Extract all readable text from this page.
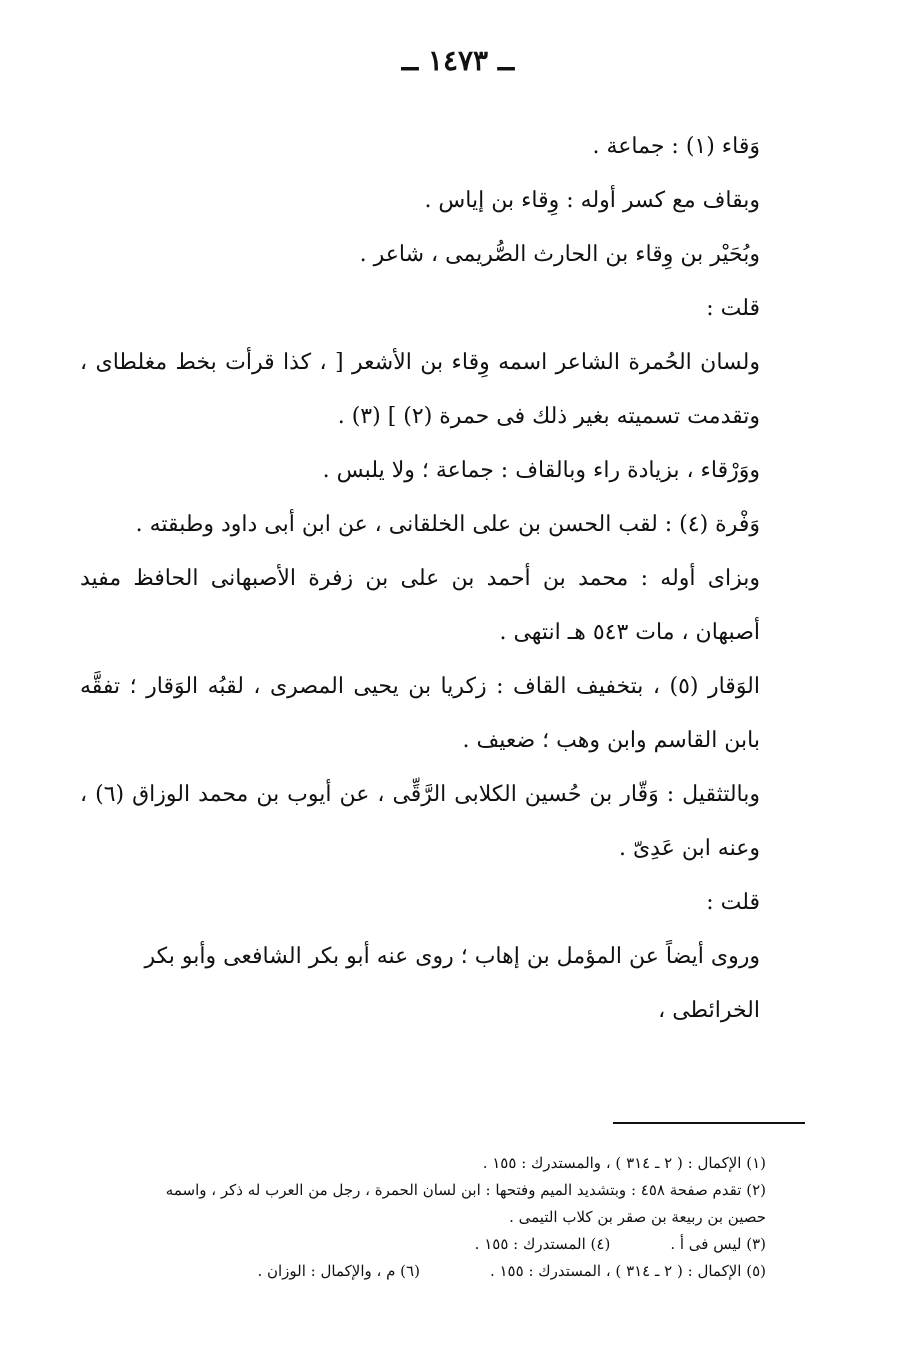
ــ ١٤٧٣ ــ

وَقاء (١) : جماعة .

وبقاف مع كسر أوله : وِقاء بن إياس .

وبُحَيْر بن وِقاء بن الحارث الصُّريمى ، شاعر .

قلت :

ولسان الحُمرة الشاعر اسمه وِقاء بن الأشعر [ ، كذا قرأت بخط مغلطاى ، وتقدمت تسميته بغير ذلك فى حمرة (٢) ] (٣) .

ووَرْقاء ، بزيادة راء وبالقاف : جماعة ؛ ولا يلبس .

وَفْرة (٤) : لقب الحسن بن على الخلقانى ، عن ابن أبى داود وطبقته .

وبزاى أوله : محمد بن أحمد بن على بن زفرة الأصبهانى الحافظ مفيد أصبهان ، مات ٥٤٣ هـ انتهى .

الوَقار (٥) ، بتخفيف القاف : زكريا بن يحيى المصرى ، لقبُه الوَقار ؛ تفقَّه بابن القاسم وابن وهب ؛ ضعيف .

وبالتثقيل : وَقّار بن حُسين الكلابى الرَّقِّى ، عن أيوب بن محمد الوزاق (٦) ، وعنه ابن عَدِىّ .

قلت :

وروى أيضاً عن المؤمل بن إهاب ؛ روى عنه أبو بكر الشافعى وأبو بكر الخرائطى ،

(١) الإكمال : ( ٢ ـ ٣١٤ ) ، والمستدرك : ١٥٥ .

(٢) تقدم صفحة ٤٥٨ : وبتشديد الميم وفتحها : ابن لسان الحمرة ، رجل من العرب له ذكر ، واسمه

حصين بن ربيعة بن صقر بن كلاب التيمى .

(٣) ليس فى أ .
(٤) المستدرك : ١٥٥ .
(٥) الإكمال : ( ٢ ـ ٣١٤ ) ، المستدرك : ١٥٥ .
(٦) م ، والإكمال : الوزان .
